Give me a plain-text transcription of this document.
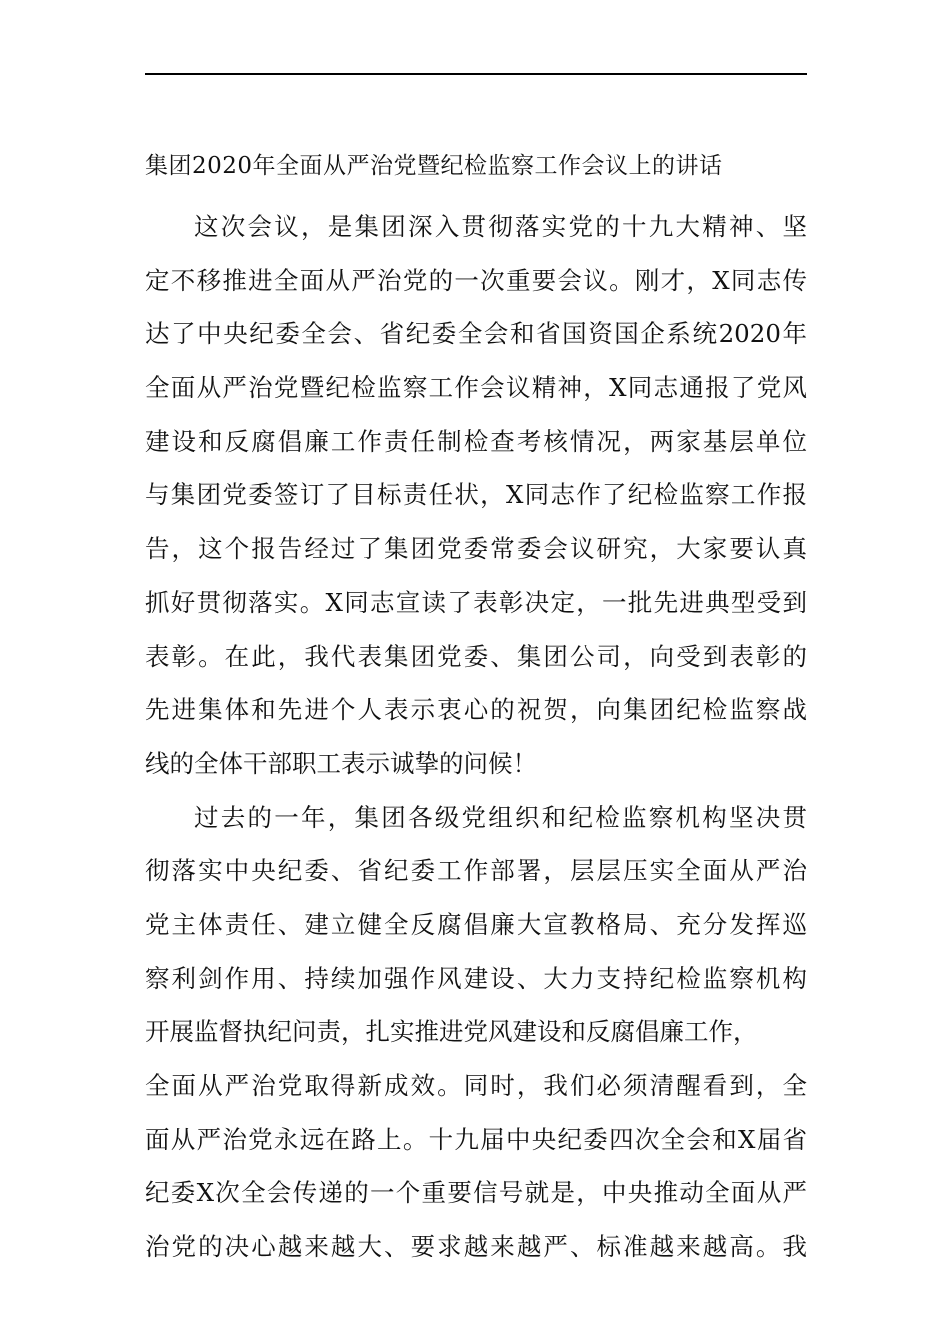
集团2020年全面从严治党暨纪检监察工作会议上的讲话
这次会议，是集团深入贯彻落实党的十九大精神、坚
定不移推进全面从严治党的一次重要会议。刚才，X同志传
达了中央纪委全会、省纪委全会和省国资国企系统2020年
全面从严治党暨纪检监察工作会议精神，X同志通报了党风
建设和反腐倡廉工作责任制检查考核情况，两家基层单位
与集团党委签订了目标责任状，X同志作了纪检监察工作报
告，这个报告经过了集团党委常委会议研究，大家要认真
抓好贯彻落实。X同志宣读了表彰决定，一批先进典型受到
表彰。在此，我代表集团党委、集团公司，向受到表彰的
先进集体和先进个人表示衷心的祝贺，向集团纪检监察战
线的全体干部职工表示诚挚的问候！
过去的一年，集团各级党组织和纪检监察机构坚决贯
彻落实中央纪委、省纪委工作部署，层层压实全面从严治
党主体责任、建立健全反腐倡廉大宣教格局、充分发挥巡
察利剑作用、持续加强作风建设、大力支持纪检监察机构
开展监督执纪问责，扎实推进党风建设和反腐倡廉工作，
全面从严治党取得新成效。同时，我们必须清醒看到，全
面从严治党永远在路上。十九届中央纪委四次全会和X届省
纪委X次全会传递的一个重要信号就是，中央推动全面从严
治党的决心越来越大、要求越来越严、标准越来越高。我
